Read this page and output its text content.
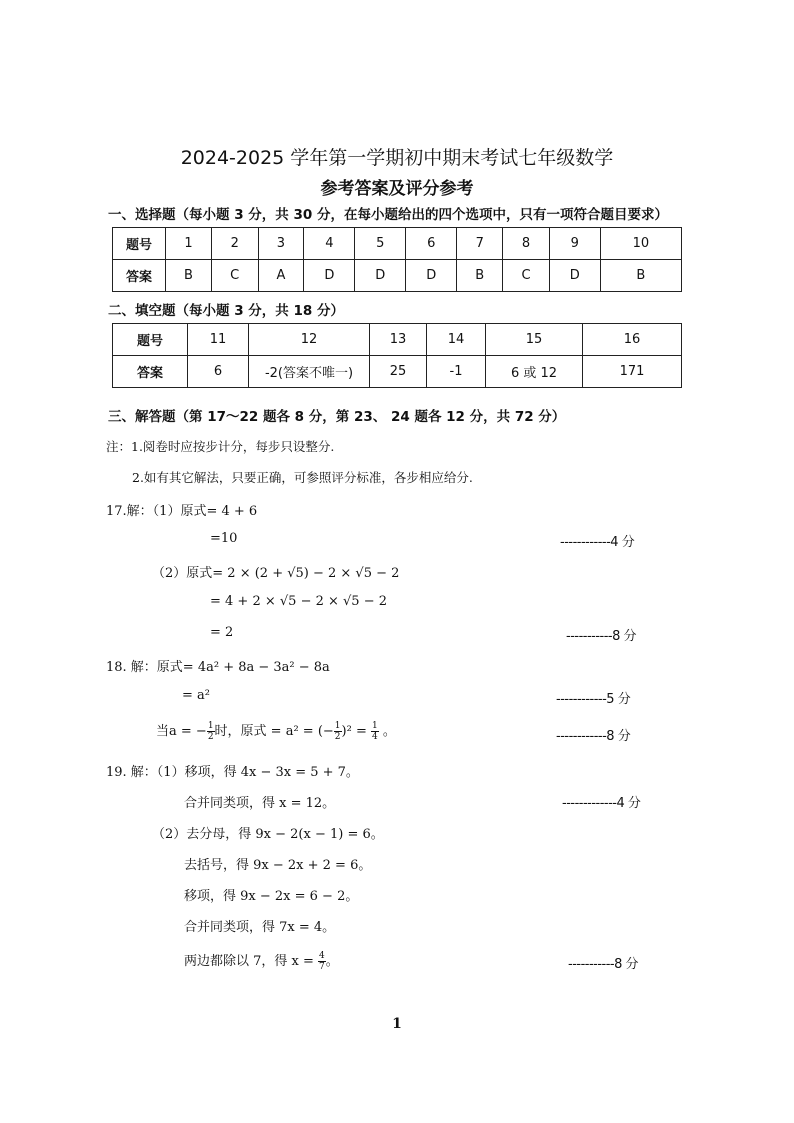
2024-2025 学年第一学期初中期末考试七年级数学
参考答案及评分参考
一、选择题（每小题 3 分，共 30 分，在每小题给出的四个选项中，只有一项符合题目要求）
题号	1	2	3	4	5	6	7	8	9	10
答案	B	C	A	D	D	D	B	C	D	B
二、填空题（每小题 3 分，共 18 分）
题号	11	12	13	14	15	16
答案	6	-2(答案不唯一)	25	-1	6 或 12	171
三、解答题（第 17～22 题各 8 分，第 23、 24 题各 12 分，共 72 分）
注：1.阅卷时应按步计分，每步只设整分.
2.如有其它解法，只要正确，可参照评分标准，各步相应给分.
17.解：（1）原式= 4 + 6
=10	------------4 分
（2）原式= 2 × (2 + √5) − 2 × √5 − 2
= 4 + 2 × √5 − 2 × √5 − 2
= 2	-----------8 分
18. 解：原式= 4a² + 8a − 3a² − 8a
= a²	------------5 分
当a = − $\frac{1}{2}$ 时，原式 = a² = (− $\frac{1}{2} )^2 = \frac{1}{4}$ 。	------------8 分
19. 解：（1）移项，得 4x − 3x = 5 + 7。
合并同类项，得 x = 12。	-------------4 分
（2）去分母，得 9x − 2(x − 1) = 6。
去括号，得 9x − 2x + 2 = 6。
移项，得 9x − 2x = 6 − 2。
合并同类项，得 7x = 4。
两边都除以 7，得 $x = \frac{4}{7}$ 。	-----------8 分
1
